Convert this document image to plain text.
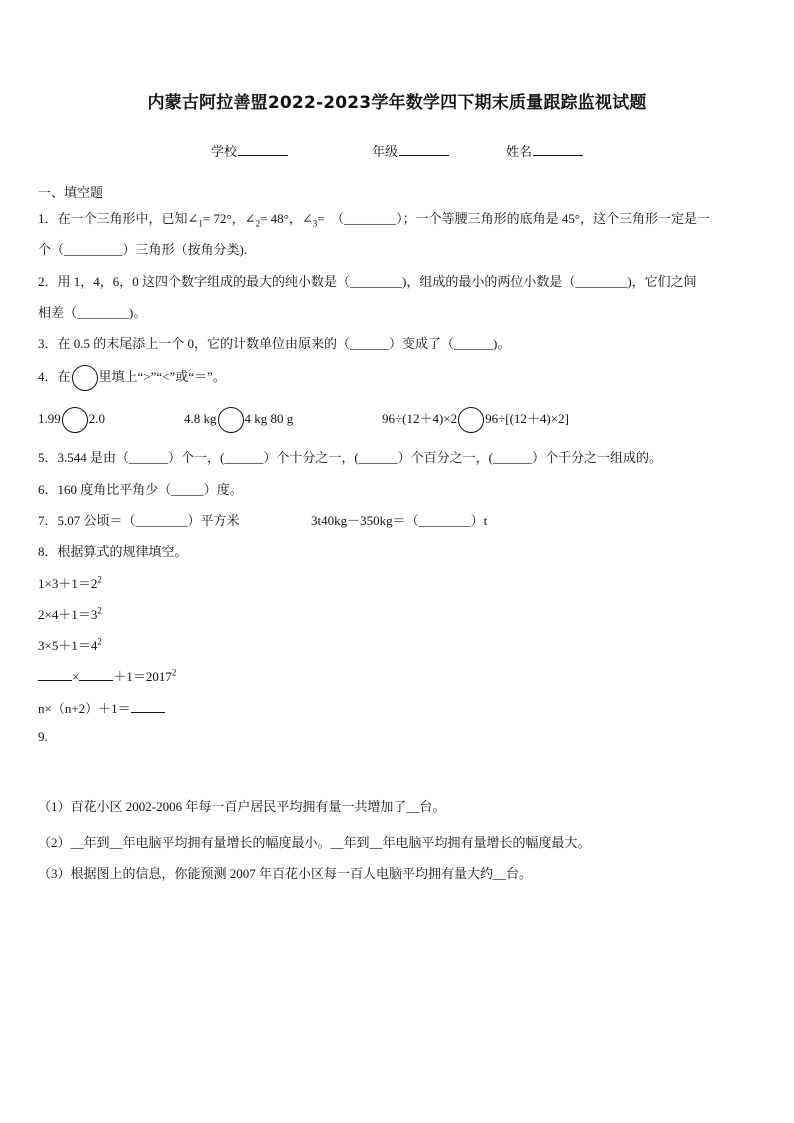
内蒙古阿拉善盟2022-2023学年数学四下期末质量跟踪监视试题
学校	年级	姓名
一、填空题
1．在一个三角形中，已知$\angle_1= 72^\circ$，$\angle_2= 48^\circ$，$\angle_3=$　（________）；一个等腰三角形的底角是 45°，这个三角形一定是一
个（_________）三角形（按角分类).
2．用 1，4，6，0 这四个数字组成的最大的纯小数是（________)，组成的最小的两位小数是（________)，它们之间
相差（________)。
3．在 0.5 的末尾添上一个 0，它的计数单位由原来的（______）变成了（______)。
4．在 里填上“>”“<”或“＝”。
1.99 2.0	4.8 kg 4 kg 80 g	96÷(12＋4)×2 96÷[(12＋4)×2]
5．3.544 是由（______）个一，(______）个十分之一，(______）个百分之一，(______）个千分之一组成的。
6．160 度角比平角少（_____）度。
7．5.07 公顷＝（________）平方米	3t40kg－350kg＝（________）t
8．根据算式的规律填空。
$1\times 3+1=2^2$
$2\times 4+1=3^2$
$3\times 5+1=4^2$
×	$+1=2017^2$
n×（n+2）＋1＝
9.
（1）百花小区 2002-2006 年每一百户居民平均拥有量一共增加了__台。
（2）__年到__年电脑平均拥有量增长的幅度最小。__年到__年电脑平均拥有量增长的幅度最大。
（3）根据图上的信息，你能预测 2007 年百花小区每一百人电脑平均拥有量大约__台。
